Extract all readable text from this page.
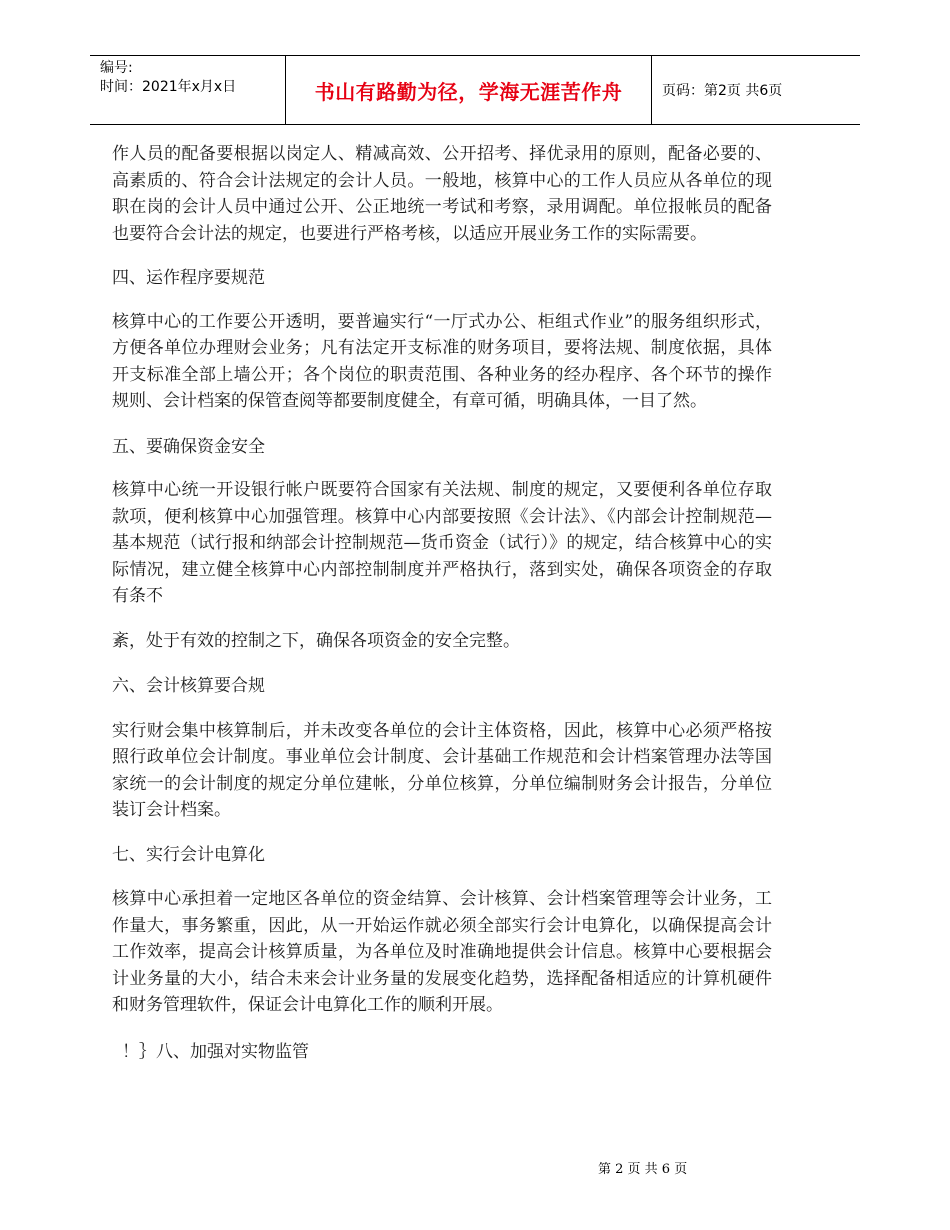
编号:
时间：2021年x月x日	书山有路勤为径，学海无涯苦作舟	页码：第2页 共6页

作人员的配备要根据以岗定人、精减高效、公开招考、择优录用的原则，配备必要的、高素质的、符合会计法规定的会计人员。一般地，核算中心的工作人员应从各单位的现职在岗的会计人员中通过公开、公正地统一考试和考察，录用调配。单位报帐员的配备也要符合会计法的规定，也要进行严格考核，以适应开展业务工作的实际需要。

四、运作程序要规范

核算中心的工作要公开透明，要普遍实行“一厅式办公、柜组式作业”的服务组织形式，方便各单位办理财会业务；凡有法定开支标准的财务项目，要将法规、制度依据，具体开支标准全部上墙公开；各个岗位的职责范围、各种业务的经办程序、各个环节的操作规则、会计档案的保管查阅等都要制度健全，有章可循，明确具体，一目了然。

五、要确保资金安全

核算中心统一开设银行帐户既要符合国家有关法规、制度的规定，又要便利各单位存取款项，便利核算中心加强管理。核算中心内部要按照《会计法》、《内部会计控制规范—基本规范（试行报和纳部会计控制规范—货币资金（试行）》的规定，结合核算中心的实际情况，建立健全核算中心内部控制制度并严格执行，落到实处，确保各项资金的存取有条不

紊，处于有效的控制之下，确保各项资金的安全完整。

六、会计核算要合规

实行财会集中核算制后，并未改变各单位的会计主体资格，因此，核算中心必须严格按照行政单位会计制度。事业单位会计制度、会计基础工作规范和会计档案管理办法等国家统一的会计制度的规定分单位建帐，分单位核算，分单位编制财务会计报告，分单位装订会计档案。

七、实行会计电算化

核算中心承担着一定地区各单位的资金结算、会计核算、会计档案管理等会计业务，工作量大，事务繁重，因此，从一开始运作就必须全部实行会计电算化，以确保提高会计工作效率，提高会计核算质量，为各单位及时准确地提供会计信息。核算中心要根据会计业务量的大小，结合未来会计业务量的发展变化趋势，选择配备相适应的计算机硬件和财务管理软件，保证会计电算化工作的顺利开展。

！｝八、加强对实物监管

第 2 页 共 6 页
